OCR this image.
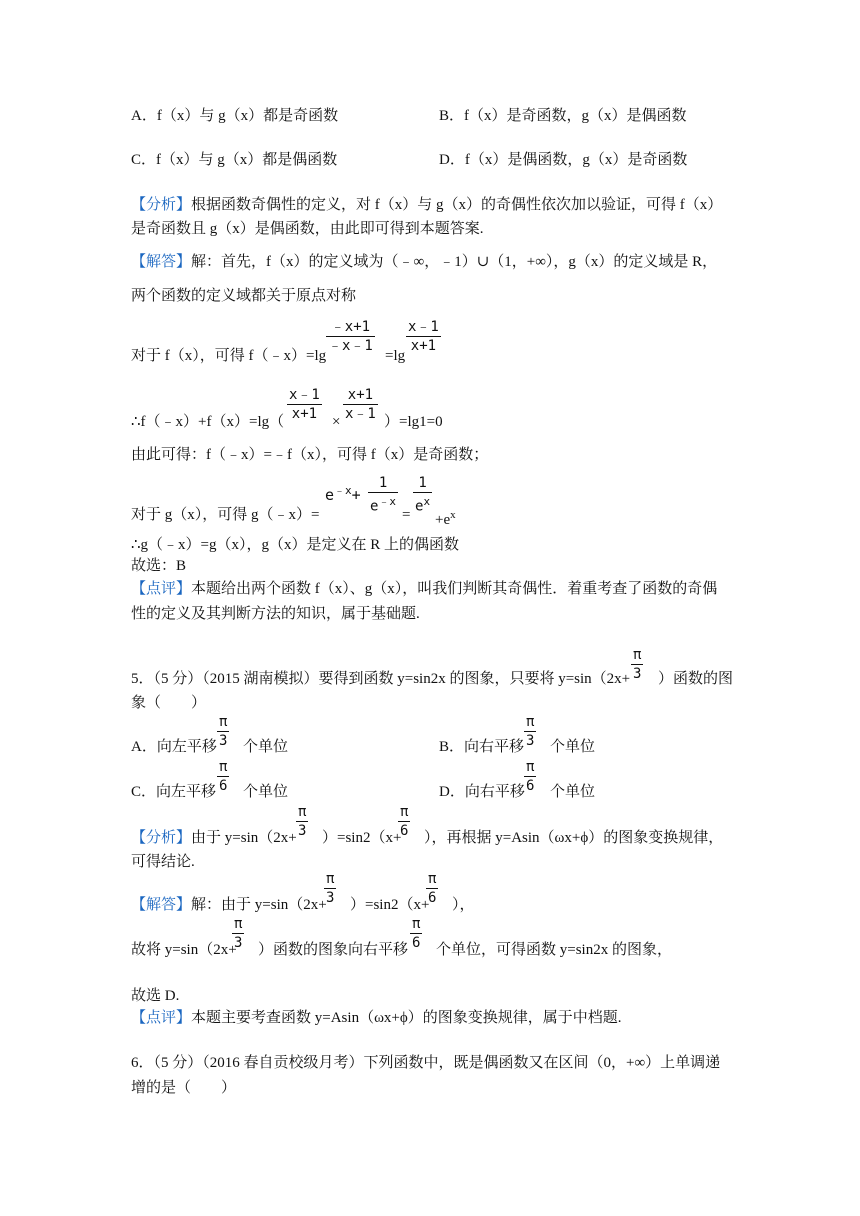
A．f（x）与 g（x）都是奇函数	B．f（x）是奇函数，g（x）是偶函数
C．f（x）与 g（x）都是偶函数	D．f（x）是偶函数，g（x）是奇函数
【分析】根据函数奇偶性的定义，对 f（x）与 g（x）的奇偶性依次加以验证，可得 f（x）
是奇函数且 g（x）是偶函数，由此即可得到本题答案.
【解答】解：首先，f（x）的定义域为（﹣∞，﹣1）∪（1，+∞），g（x）的定义域是 R，
两个函数的定义域都关于原点对称
对于 f（x），可得 f（﹣x）=lg
$\frac{﹣x+1}{﹣x﹣1}$
=lg
$\frac{x﹣1}{x+1}$
∴f（﹣x）+f（x）=lg（ $\frac{x﹣1}{x+1} \times \frac{x+1}{x﹣1} )=\lg 1=0$
由此可得：f（﹣x）=﹣f（x），可得 f（x）是奇函数；
对于 g（x），可得 g（﹣x）=
$e^{﹣x}+ \frac{1}{e^{﹣x}} = \frac{1}{e^x}$
$+e^x$
∴g（﹣x）=g（x），g（x）是定义在 R 上的偶函数
故选：B
【点评】本题给出两个函数 f（x）、g（x），叫我们判断其奇偶性．着重考查了函数的奇偶
性的定义及其判断方法的知识，属于基础题.
5．（5 分）（2015 湖南模拟）要得到函数 y=sin2x 的图象，只要将 $y=\sin(2x+ \frac{\pi}{3}$ ）函数的图
象（　　）
A．向左平移 $\frac{\pi}{3}$ 个单位	B．向右平移 $\frac{\pi}{3}$ 个单位
C．向左平移 $\frac{\pi}{6}$ 个单位	D．向右平移 $\frac{\pi}{6}$ 个单位
【分析】由于 $y=\sin(2x+ \frac{\pi}{3} )=\sin 2(x+$
$\frac{\pi}{6}$ ），再根据 y=Asin（ωx+ϕ）的图象变换规律，
可得结论.
【解答】解：由于 y=sin（2x+
$\frac{\pi}{3} )=\sin 2(x+$
$\frac{\pi}{6}$ ），
故将 y=sin（2x+
$\frac{\pi}{3}$ ）函数的图象向右平移 $\frac{\pi}{6}$ 个单位，可得函数 y=sin2x 的图象，
故选 D.
【点评】本题主要考查函数 y=Asin（ωx+ϕ）的图象变换规律，属于中档题.
6．（5 分）（2016 春自贡校级月考）下列函数中，既是偶函数又在区间（0，+∞）上单调递
增的是（　　）
